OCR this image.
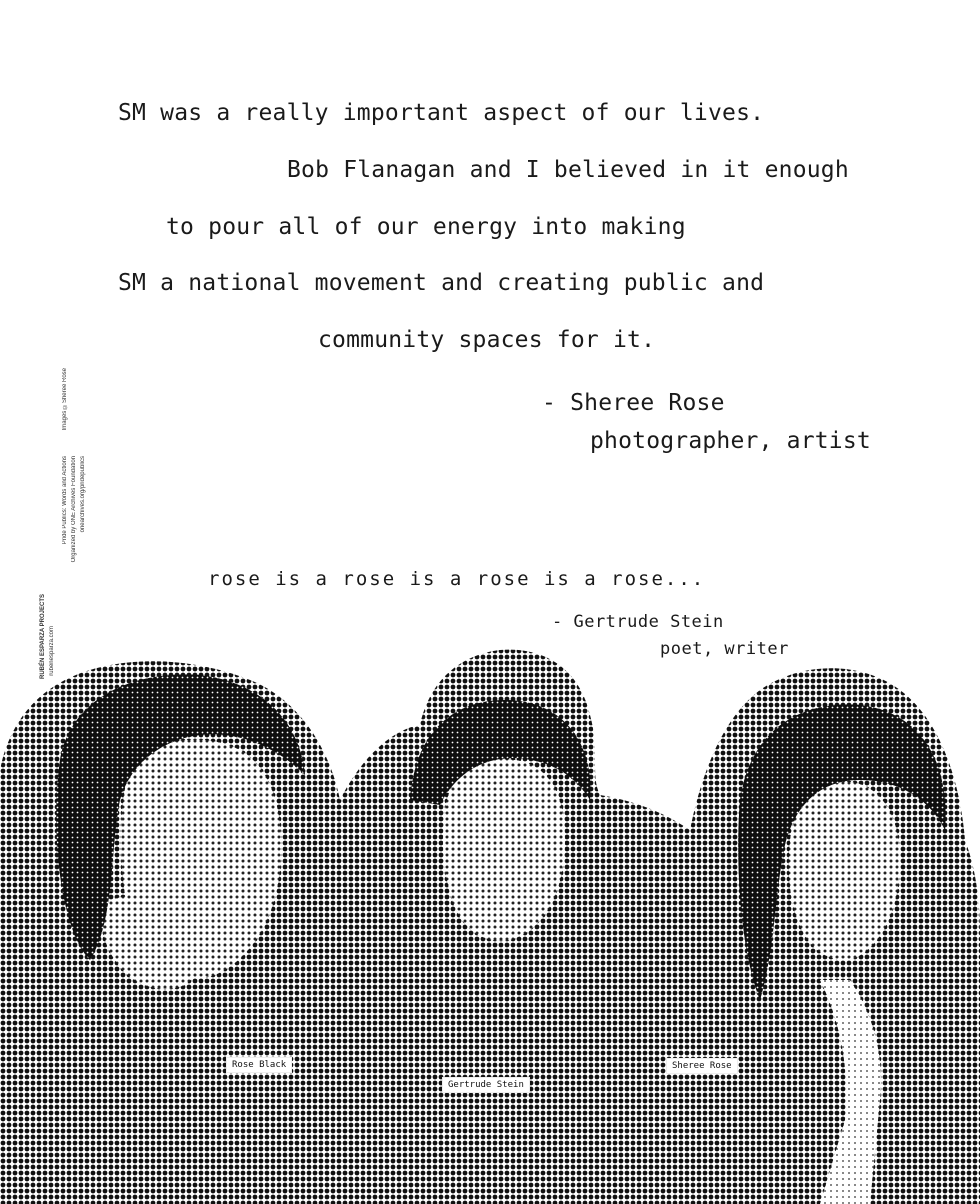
SM was a really important aspect of our lives.
Bob Flanagan and I believed in it enough
to pour all of our energy into making
SM a national movement and creating public and
community spaces for it.
- Sheree Rose
photographer, artist
rose is a rose is a rose is a rose...
- Gertrude Stein
poet, writer
RUBÉN ESPARZA PROJECTS rubenesparza.com
Pride Publics: Words and Actions Organized by ONE Archives Foundation onearchives.org/pridepublics
Images ©Sheree Rose
Rose Black
Gertrude Stein
Sheree Rose
